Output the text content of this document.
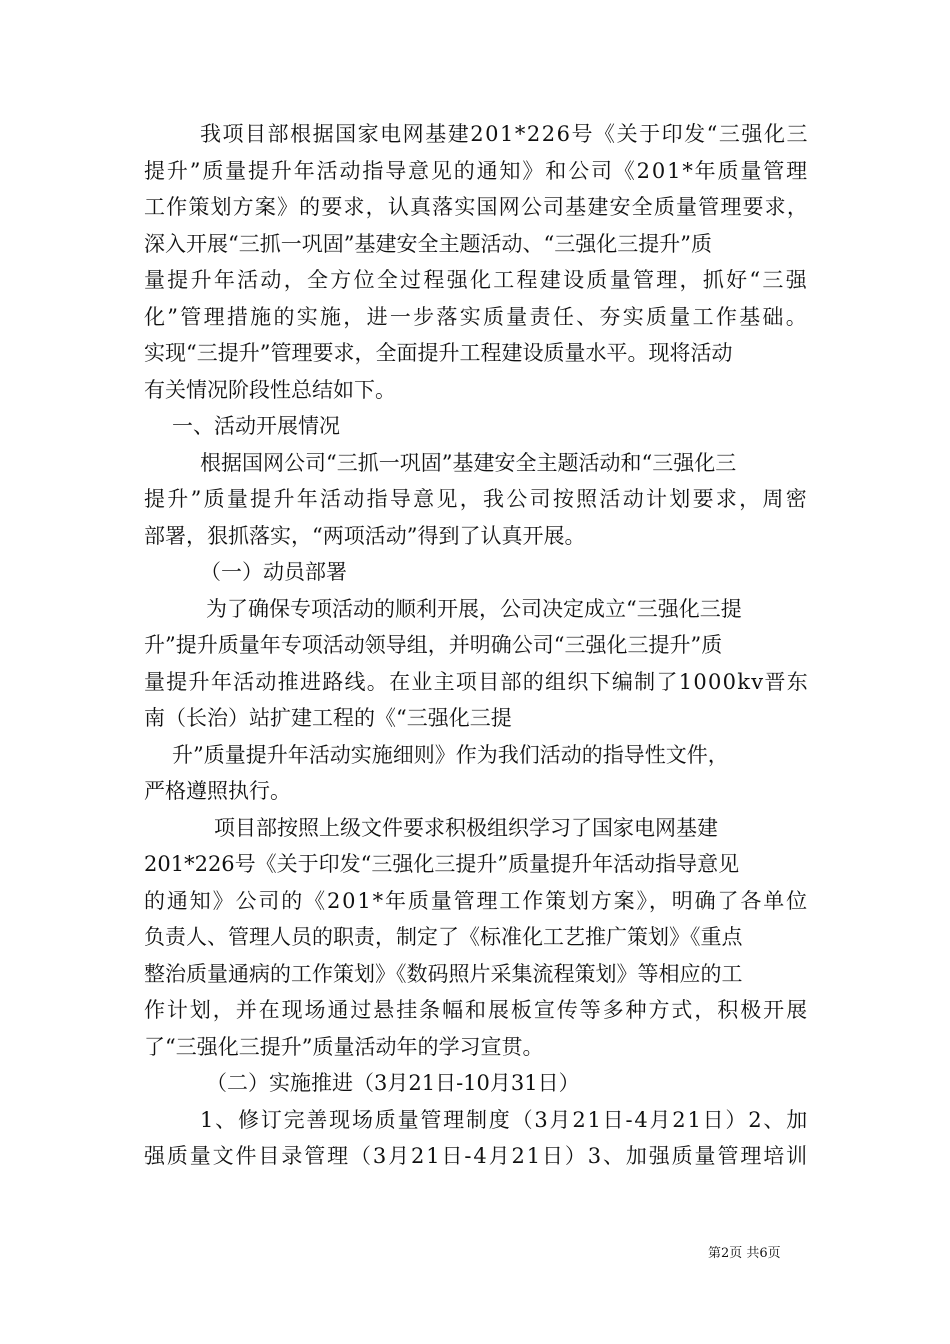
我项目部根据国家电网基建201*226号《关于印发“三强化三
提升”质量提升年活动指导意见的通知》和公司《201*年质量管理
工作策划方案》的要求，认真落实国网公司基建安全质量管理要求，
深入开展“三抓一巩固”基建安全主题活动、“三强化三提升”质
量提升年活动，全方位全过程强化工程建设质量管理，抓好“三强
化”管理措施的实施，进一步落实质量责任、夯实质量工作基础。
实现“三提升”管理要求，全面提升工程建设质量水平。现将活动
有关情况阶段性总结如下。
一、活动开展情况
根据国网公司“三抓一巩固”基建安全主题活动和“三强化三
提升”质量提升年活动指导意见，我公司按照活动计划要求，周密
部署，狠抓落实，“两项活动”得到了认真开展。
（一）动员部署
为了确保专项活动的顺利开展，公司决定成立“三强化三提
升”提升质量年专项活动领导组，并明确公司“三强化三提升”质
量提升年活动推进路线。在业主项目部的组织下编制了1000kv晋东
南（长治）站扩建工程的《“三强化三提
升”质量提升年活动实施细则》作为我们活动的指导性文件，
严格遵照执行。
项目部按照上级文件要求积极组织学习了国家电网基建
201*226号《关于印发“三强化三提升”质量提升年活动指导意见
的通知》公司的《201*年质量管理工作策划方案》，明确了各单位
负责人、管理人员的职责，制定了《标准化工艺推广策划》《重点
整治质量通病的工作策划》《数码照片采集流程策划》等相应的工
作计划，并在现场通过悬挂条幅和展板宣传等多种方式，积极开展
了“三强化三提升”质量活动年的学习宣贯。
（二）实施推进（3月21日-10月31日）
1、修订完善现场质量管理制度（3月21日-4月21日）2、加
强质量文件目录管理（3月21日-4月21日）3、加强质量管理培训
第2页 共6页
